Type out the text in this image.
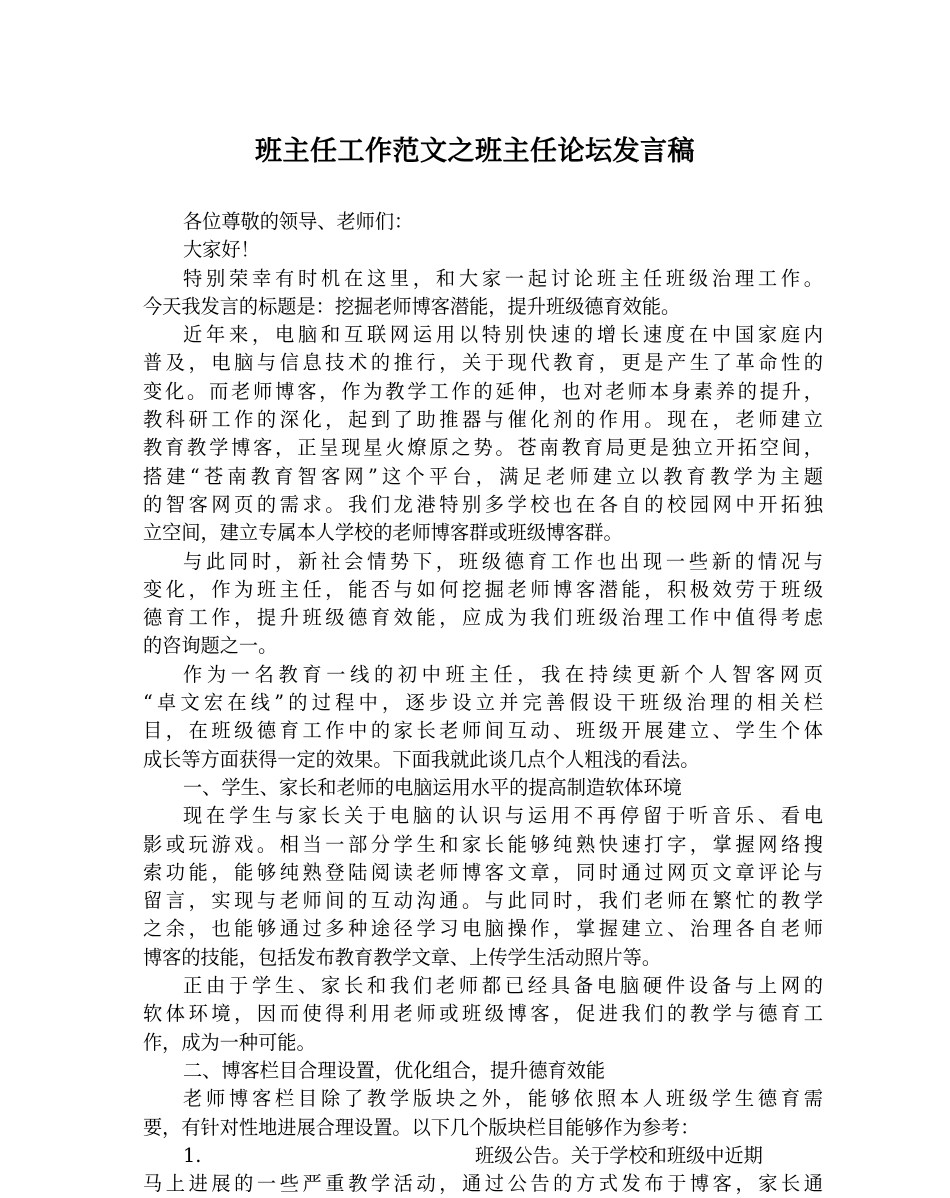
班主任工作范文之班主任论坛发言稿
各位尊敬的领导、老师们：
大家好！
特别荣幸有时机在这里，和大家一起讨论班主任班级治理工作。
今天我发言的标题是：挖掘老师博客潜能，提升班级德育效能。
近年来，电脑和互联网运用以特别快速的增长速度在中国家庭内
普及，电脑与信息技术的推行，关于现代教育，更是产生了革命性的
变化。而老师博客，作为教学工作的延伸，也对老师本身素养的提升，
教科研工作的深化，起到了助推器与催化剂的作用。现在，老师建立
教育教学博客，正呈现星火燎原之势。苍南教育局更是独立开拓空间，
搭建“苍南教育智客网”这个平台，满足老师建立以教育教学为主题
的智客网页的需求。我们龙港特别多学校也在各自的校园网中开拓独
立空间，建立专属本人学校的老师博客群或班级博客群。
与此同时，新社会情势下，班级德育工作也出现一些新的情况与
变化，作为班主任，能否与如何挖掘老师博客潜能，积极效劳于班级
德育工作，提升班级德育效能，应成为我们班级治理工作中值得考虑
的咨询题之一。
作为一名教育一线的初中班主任，我在持续更新个人智客网页
“卓文宏在线”的过程中，逐步设立并完善假设干班级治理的相关栏
目，在班级德育工作中的家长老师间互动、班级开展建立、学生个体
成长等方面获得一定的效果。下面我就此谈几点个人粗浅的看法。
一、学生、家长和老师的电脑运用水平的提高制造软体环境
现在学生与家长关于电脑的认识与运用不再停留于听音乐、看电
影或玩游戏。相当一部分学生和家长能够纯熟快速打字，掌握网络搜
索功能，能够纯熟登陆阅读老师博客文章，同时通过网页文章评论与
留言，实现与老师间的互动沟通。与此同时，我们老师在繁忙的教学
之余，也能够通过多种途径学习电脑操作，掌握建立、治理各自老师
博客的技能，包括发布教育教学文章、上传学生活动照片等。
正由于学生、家长和我们老师都已经具备电脑硬件设备与上网的
软体环境，因而使得利用老师或班级博客，促进我们的教学与德育工
作，成为一种可能。
二、博客栏目合理设置，优化组合，提升德育效能
老师博客栏目除了教学版块之外，能够依照本人班级学生德育需
要，有针对性地进展合理设置。以下几个版块栏目能够作为参考：
1.	班级公告。关于学校和班级中近期
马上进展的一些严重教学活动，通过公告的方式发布于博客，家长通
